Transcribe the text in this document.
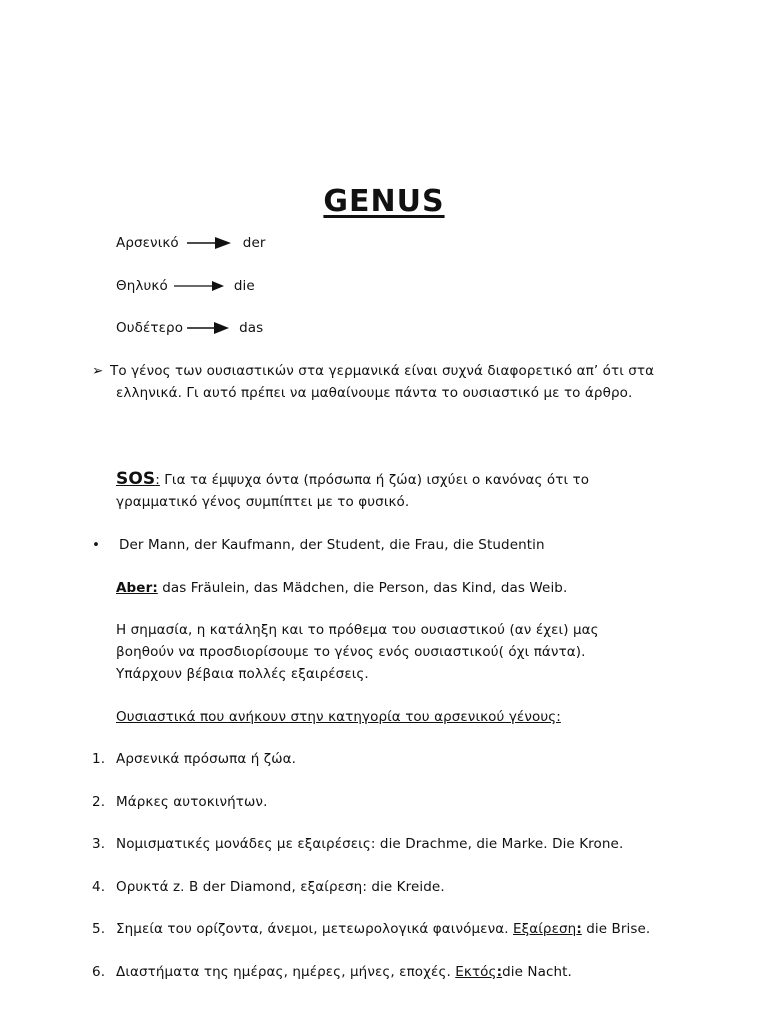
GENUS
Αρσενικό	der
Θηλυκό	die
Ουδέτερο	das
➢ Το γένος των ουσιαστικών στα γερμανικά είναι συχνά διαφορετικό απ’ ότι στα
ελληνικά. Γι αυτό πρέπει να μαθαίνουμε πάντα το ουσιαστικό με το άρθρο.
SOS: Για τα έμψυχα όντα (πρόσωπα ή ζώα) ισχύει ο κανόνας ότι το
γραμματικό γένος συμπίπτει με το φυσικό.
• Der Mann, der Kaufmann, der Student, die Frau, die Studentin
Aber: das Fräulein, das Mädchen, die Person, das Kind, das Weib.
Η σημασία, η κατάληξη και το πρόθεμα του ουσιαστικού (αν έχει) μας
βοηθούν να προσδιορίσουμε το γένος ενός ουσιαστικού( όχι πάντα).
Υπάρχουν βέβαια πολλές εξαιρέσεις.
Ουσιαστικά που ανήκουν στην κατηγορία του αρσενικού γένους:
1. Αρσενικά πρόσωπα ή ζώα.
2. Μάρκες αυτοκινήτων.
3. Νομισματικές μονάδες με εξαιρέσεις: die Drachme, die Marke. Die Krone.
4. Ορυκτά z. B der Diamond, εξαίρεση: die Kreide.
5. Σημεία του ορίζοντα, άνεμοι, μετεωρολογικά φαινόμενα. Εξαίρεση: die Brise.
6. Διαστήματα της ημέρας, ημέρες, μήνες, εποχές. Εκτός:die Nacht.
